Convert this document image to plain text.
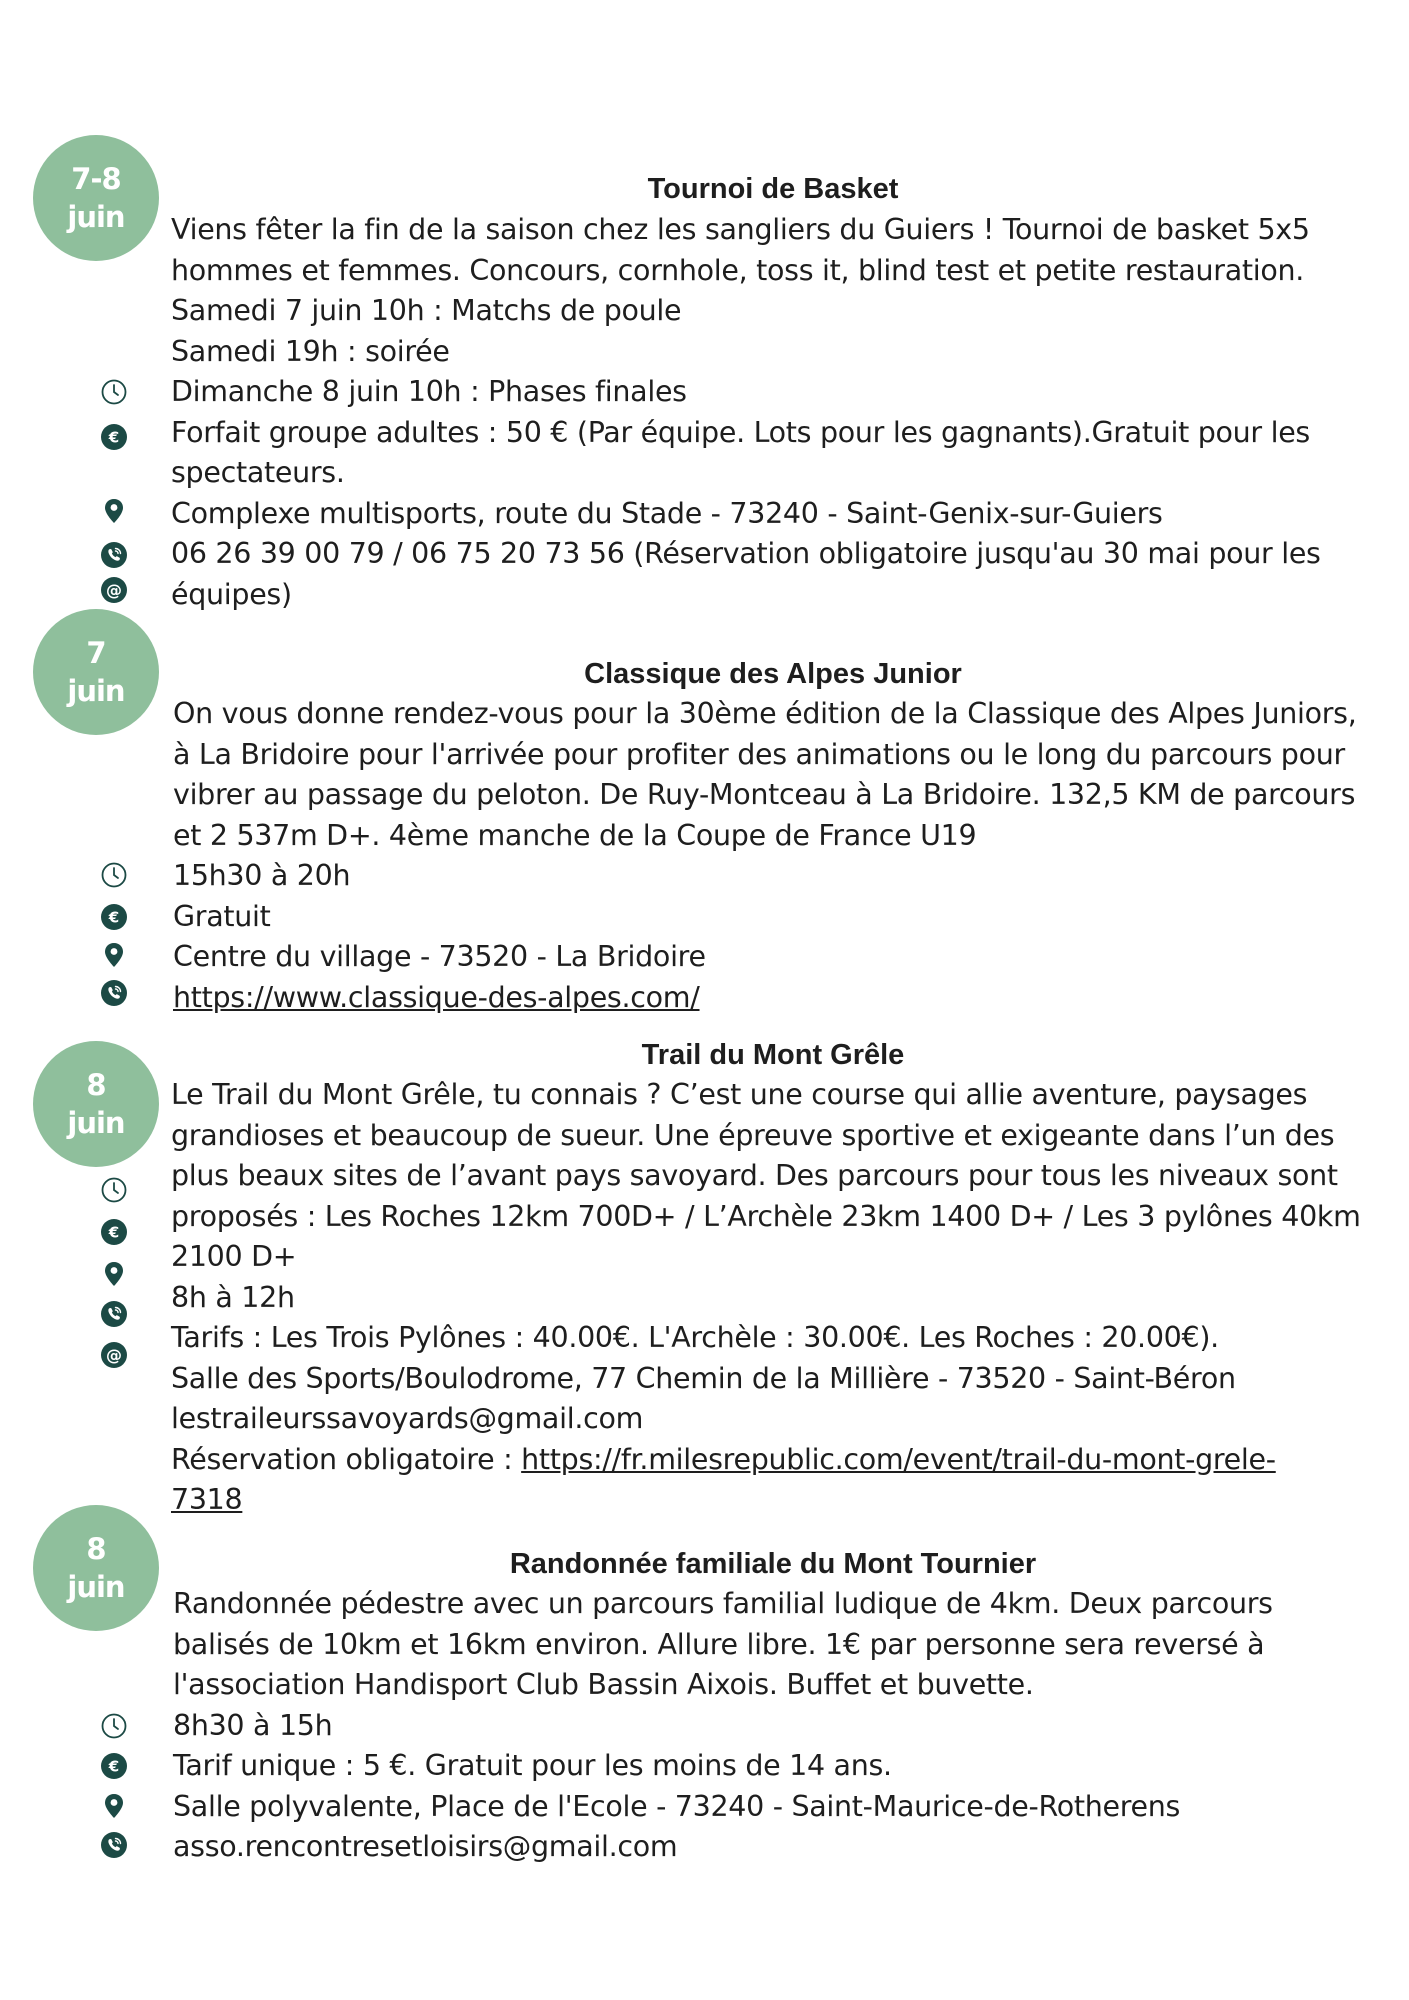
7-8
juin
Tournoi de Basket
Viens fêter la fin de la saison chez les sangliers du Guiers ! Tournoi de basket 5x5
hommes et femmes. Concours, cornhole, toss it, blind test et petite restauration.
Samedi 7 juin 10h : Matchs de poule
Samedi 19h : soirée
Dimanche 8 juin 10h : Phases finales
Forfait groupe adultes : 50 € (Par équipe. Lots pour les gagnants).Gratuit pour les
spectateurs.
Complexe multisports, route du Stade - 73240 - Saint-Genix-sur-Guiers
06 26 39 00 79 / 06 75 20 73 56 (Réservation obligatoire jusqu'au 30 mai pour les
équipes)
7
juin	Classique des Alpes Junior
On vous donne rendez-vous pour la 30ème édition de la Classique des Alpes Juniors,
à La Bridoire pour l'arrivée pour profiter des animations ou le long du parcours pour
vibrer au passage du peloton. De Ruy-Montceau à La Bridoire. 132,5 KM de parcours
et 2 537m D+. 4ème manche de la Coupe de France U19
15h30 à 20h
Gratuit
Centre du village - 73520 - La Bridoire
https://www.classique-des-alpes.com/
8
juin
Trail du Mont Grêle
Le Trail du Mont Grêle, tu connais ? C’est une course qui allie aventure, paysages
grandioses et beaucoup de sueur. Une épreuve sportive et exigeante dans l’un des
plus beaux sites de l’avant pays savoyard. Des parcours pour tous les niveaux sont
proposés : Les Roches 12km 700D+ / L’Archèle 23km 1400 D+ / Les 3 pylônes 40km
2100 D+
8h à 12h
Tarifs : Les Trois Pylônes : 40.00€. L'Archèle : 30.00€. Les Roches : 20.00€).
Salle des Sports/Boulodrome, 77 Chemin de la Millière - 73520 - Saint-Béron
lestraileurssavoyards@gmail.com
Réservation obligatoire : https://fr.milesrepublic.com/event/trail-du-mont-grele-
7318
8
juin
Randonnée familiale du Mont Tournier
Randonnée pédestre avec un parcours familial ludique de 4km. Deux parcours
balisés de 10km et 16km environ. Allure libre. 1€ par personne sera reversé à
l'association Handisport Club Bassin Aixois. Buffet et buvette.
8h30 à 15h
Tarif unique : 5 €. Gratuit pour les moins de 14 ans.
Salle polyvalente, Place de l'Ecole - 73240 - Saint-Maurice-de-Rotherens
asso.rencontresetloisirs@gmail.com
